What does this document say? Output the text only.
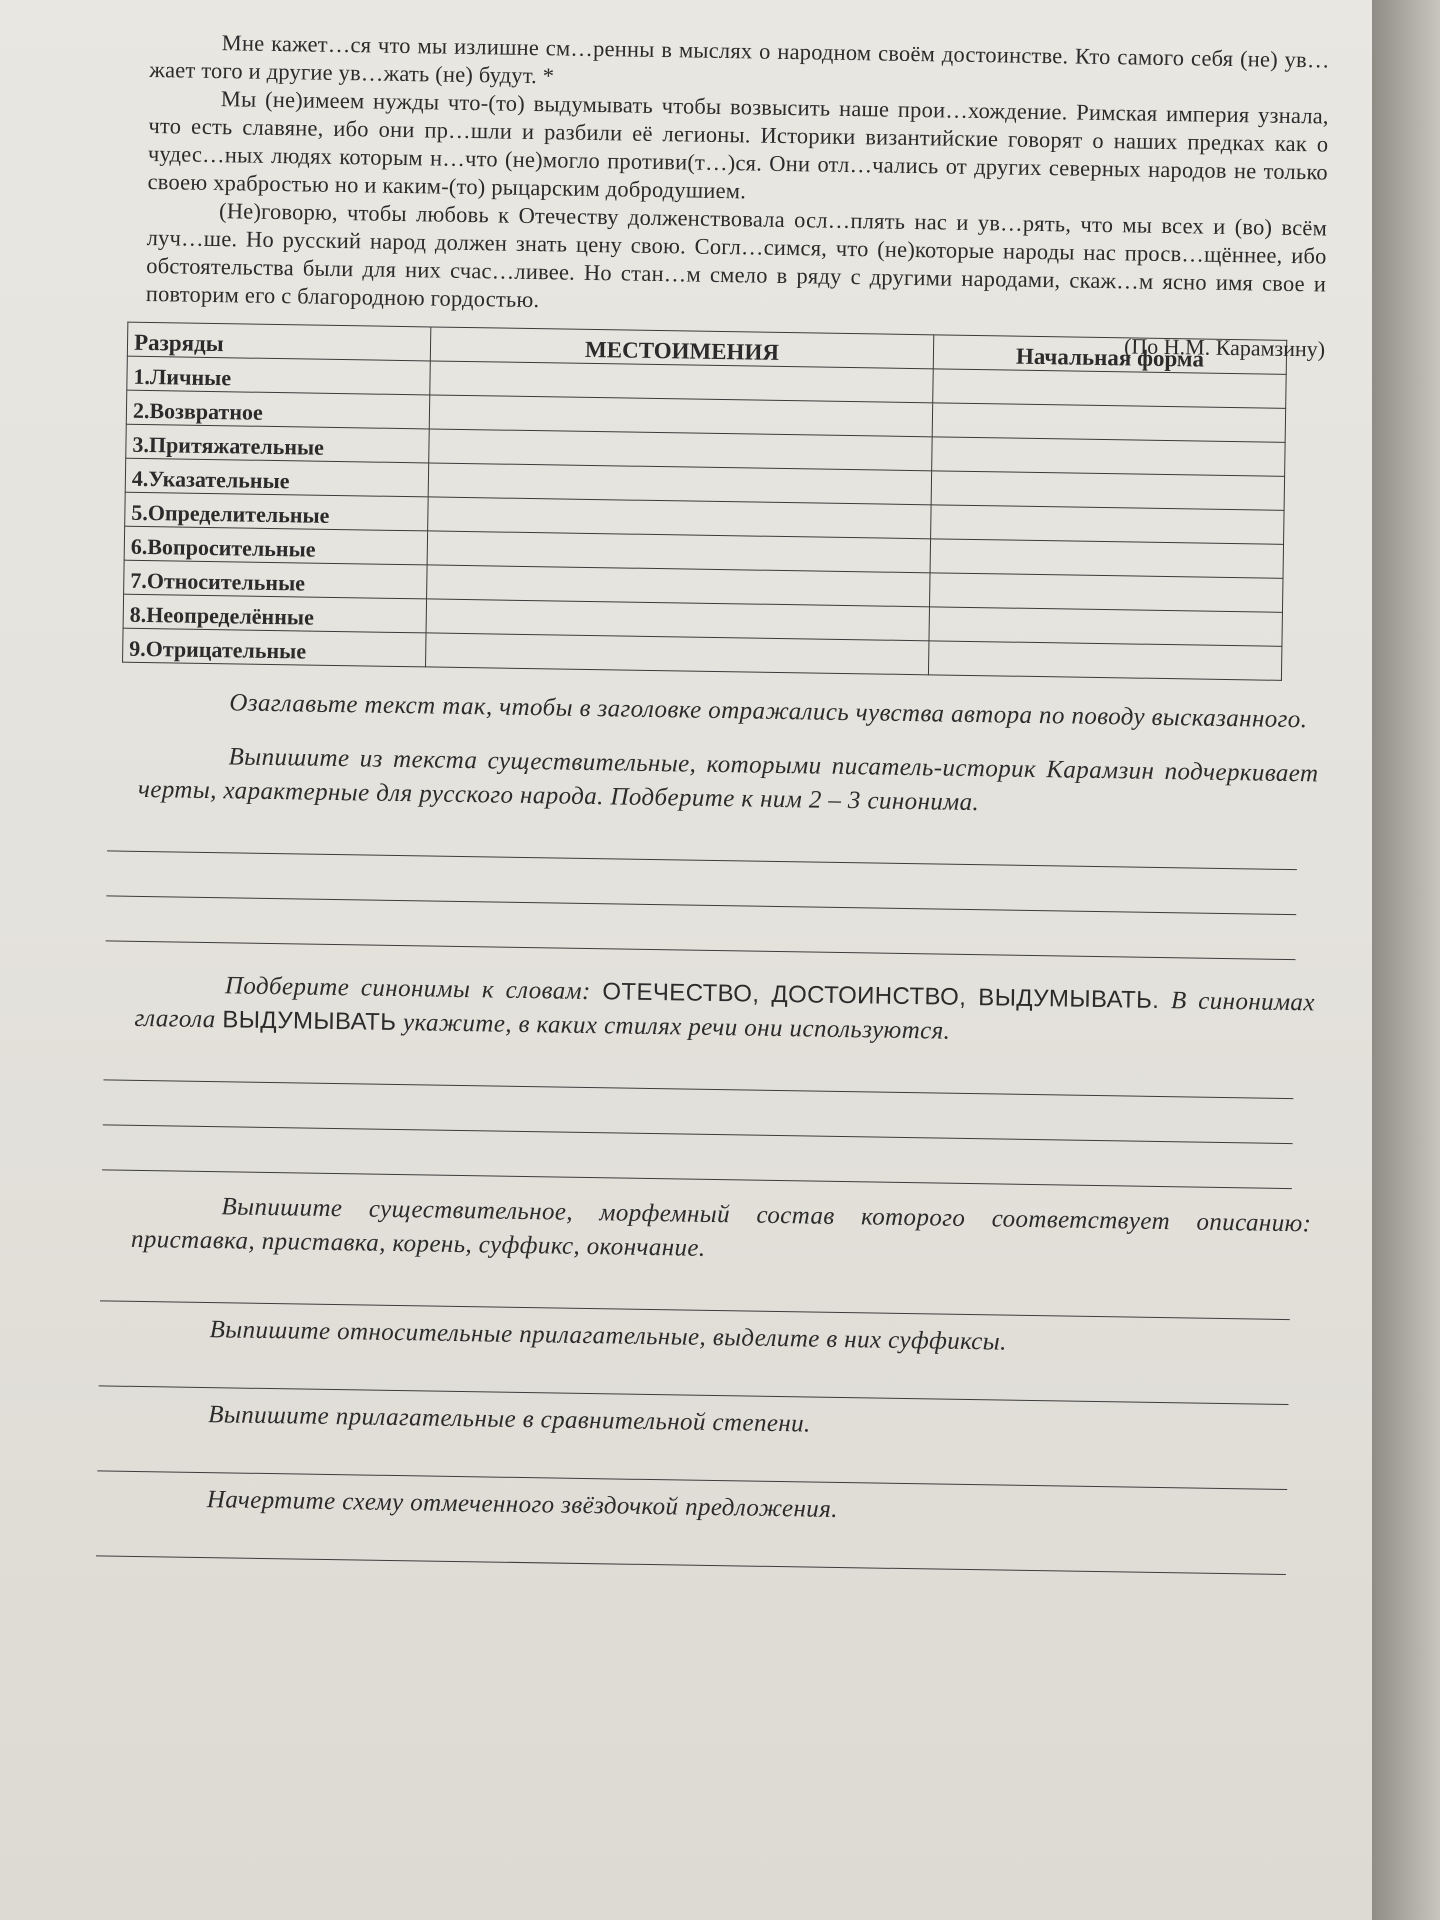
Мне кажет…ся что мы излишне см…ренны в мыслях о народном своём достоинстве. Кто самого себя (не) ув…жает того и другие ув…жать (не) будут. *

Мы (не)имеем нужды что-(то) выдумывать чтобы возвысить наше прои…хождение. Римская империя узнала, что есть славяне, ибо они пр…шли и разбили её легионы. Историки византийские говорят о наших предках как о чудес…ных людях которым н…что (не)могло противи(т…)ся. Они отл…чались от других северных народов не только своею храбростью но и каким-(то) рыцарским добродушием.

(Не)говорю, чтобы любовь к Отечеству долженствовала осл…плять нас и ув…рять, что мы всех и (во) всём луч…ше. Но русский народ должен знать цену свою. Согл…симся, что (не)которые народы нас просв…щённее, ибо обстоятельства были для них счас…ливее. Но стан…м смело в ряду с другими народами, скаж…м ясно имя свое и повторим его с благородною гордостью.

(По Н.М. Карамзину)

Разряды	МЕСТОИМЕНИЯ	Начальная форма
1.Личные		
2.Возвратное		
3.Притяжательные		
4.Указательные		
5.Определительные		
6.Вопросительные		
7.Относительные		
8.Неопределённые		
9.Отрицательные		

Озаглавьте текст так, чтобы в заголовке отражались чувства автора по поводу высказанного.

Выпишите из текста существительные, которыми писатель-историк Карамзин подчеркивает черты, характерные для русского народа. Подберите к ним 2 – 3 синонима.

Подберите синонимы к словам: ОТЕЧЕСТВО, ДОСТОИНСТВО, ВЫДУМЫВАТЬ. В синонимах глагола ВЫДУМЫВАТЬ укажите, в каких стилях речи они используются.

Выпишите существительное, морфемный состав которого соответствует описанию: приставка, приставка, корень, суффикс, окончание.

Выпишите относительные прилагательные, выделите в них суффиксы.

Выпишите прилагательные в сравнительной степени.

Начертите схему отмеченного звёздочкой предложения.
